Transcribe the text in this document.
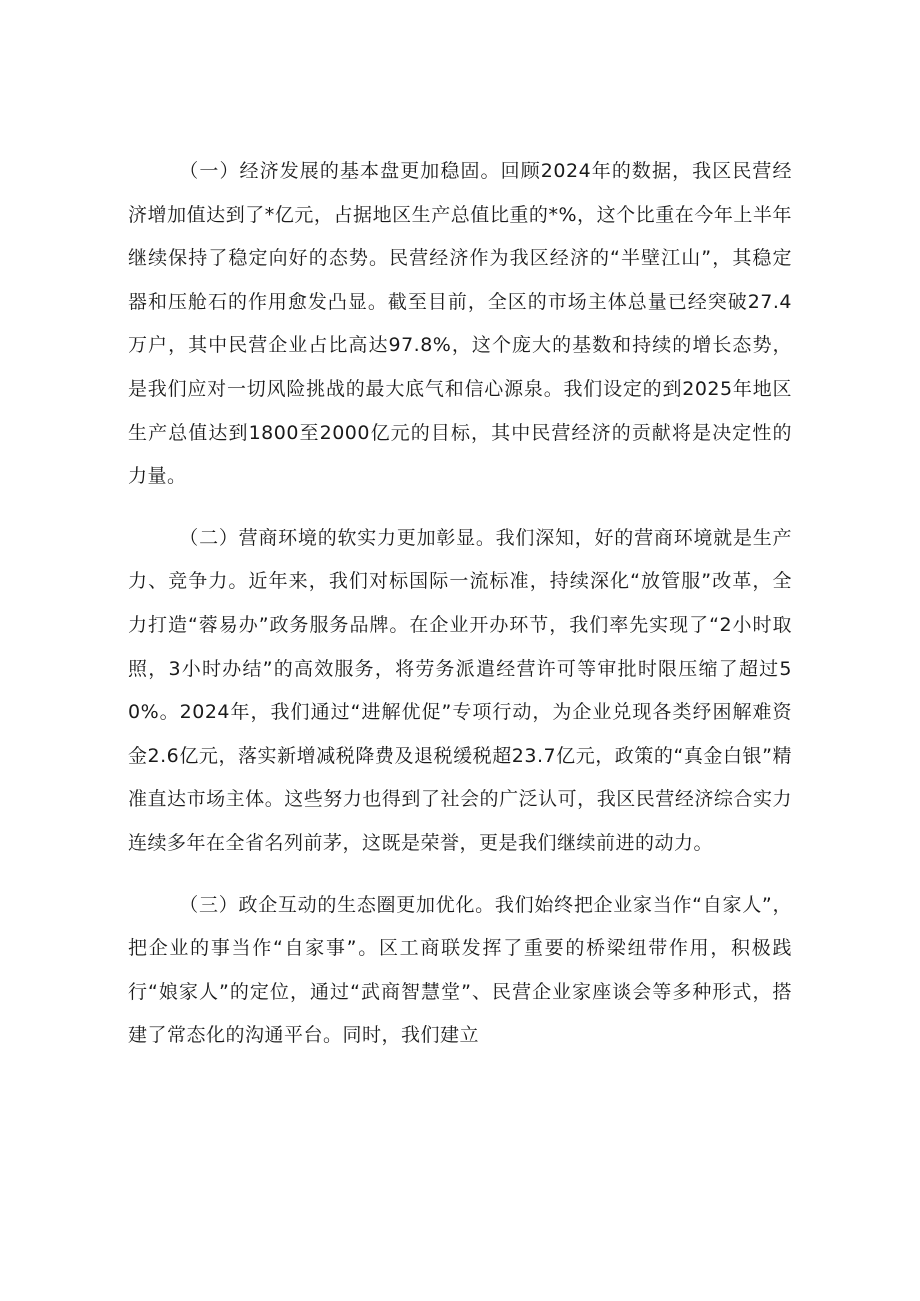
（一）经济发展的基本盘更加稳固。回顾2024年的数据，我区民营经济增加值达到了*亿元，占据地区生产总值比重的*%，这个比重在今年上半年继续保持了稳定向好的态势。民营经济作为我区经济的“半壁江山”，其稳定器和压舱石的作用愈发凸显。截至目前，全区的市场主体总量已经突破27.4万户，其中民营企业占比高达97.8%，这个庞大的基数和持续的增长态势，是我们应对一切风险挑战的最大底气和信心源泉。我们设定的到2025年地区生产总值达到1800至2000亿元的目标，其中民营经济的贡献将是决定性的力量。

（二）营商环境的软实力更加彰显。我们深知，好的营商环境就是生产力、竞争力。近年来，我们对标国际一流标准，持续深化“放管服”改革，全力打造“蓉易办”政务服务品牌。在企业开办环节，我们率先实现了“2小时取照，3小时办结”的高效服务，将劳务派遣经营许可等审批时限压缩了超过50%。2024年，我们通过“进解优促”专项行动，为企业兑现各类纾困解难资金2.6亿元，落实新增减税降费及退税缓税超23.7亿元，政策的“真金白银”精准直达市场主体。这些努力也得到了社会的广泛认可，我区民营经济综合实力连续多年在全省名列前茅，这既是荣誉，更是我们继续前进的动力。

（三）政企互动的生态圈更加优化。我们始终把企业家当作“自家人”，把企业的事当作“自家事”。区工商联发挥了重要的桥梁纽带作用，积极践行“娘家人”的定位，通过“武商智慧堂”、民营企业家座谈会等多种形式，搭建了常态化的沟通平台。同时，我们建立
